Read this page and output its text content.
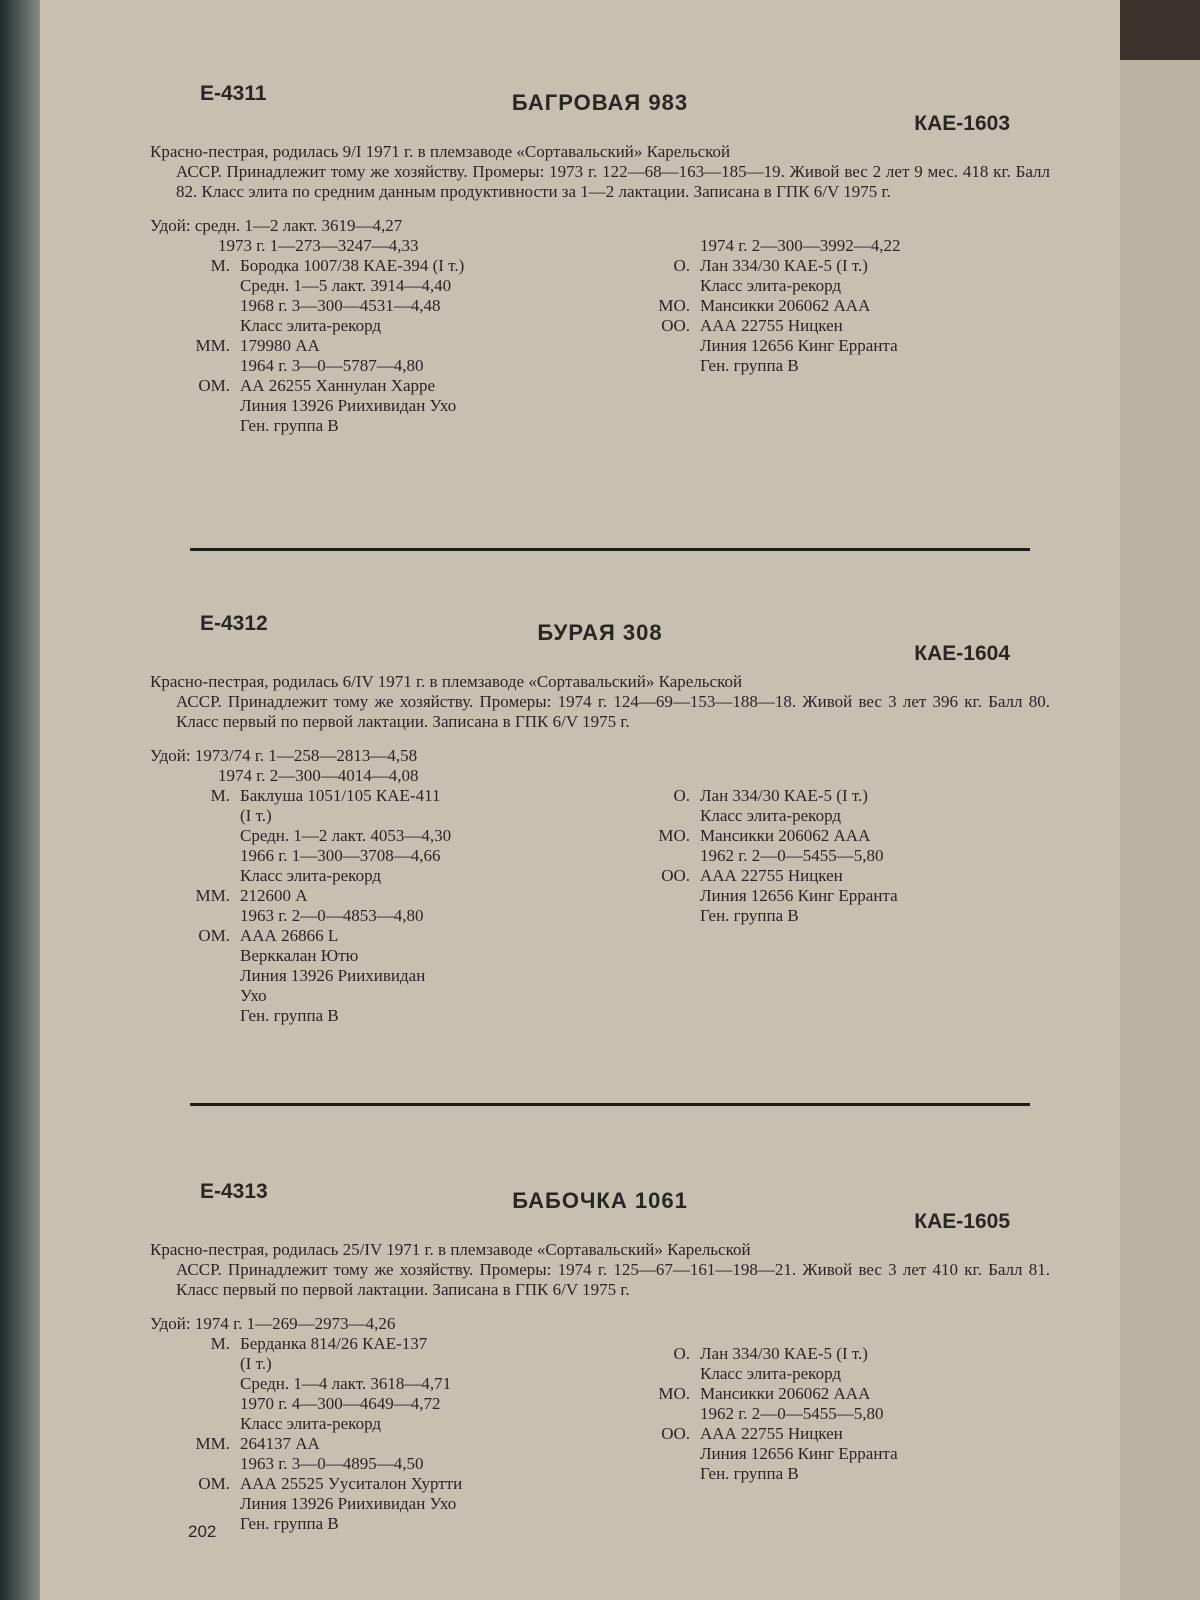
Е-4311	БАГРОВАЯ 983
КАЕ-1603
Красно-пестрая, родилась 9/I 1971 г. в племзаводе «Сортавальский» Карельской
АССР. Принадлежит тому же хозяйству. Промеры: 1973 г. 122—68—163—185—19. Живой вес 2 лет 9 мес. 418 кг. Балл 82. Класс элита по средним данным продуктивности за 1—2 лактации. Записана в ГПК 6/V 1975 г.
Удой: средн. 1—2 лакт. 3619—4,27
1973 г. 1—273—3247—4,33
М. Бородка 1007/38 КАЕ-394 (I т.)
Средн. 1—5 лакт. 3914—4,40
1968 г. 3—300—4531—4,48
Класс элита-рекорд
ММ. 179980 АА
1964 г. 3—0—5787—4,80
ОМ. АА 26255 Ханнулан Харре
Линия 13926 Риихивидан Ухо
Ген. группа В
1974 г. 2—300—3992—4,22
О. Лан 334/30 КАЕ-5 (I т.)
Класс элита-рекорд
МО. Мансикки 206062 ААА
ОО. ААА 22755 Ницкен
Линия 12656 Кинг Ерранта
Ген. группа В
Е-4312	БУРАЯ 308
КАЕ-1604
Красно-пестрая, родилась 6/IV 1971 г. в племзаводе «Сортавальский» Карельской
АССР. Принадлежит тому же хозяйству. Промеры: 1974 г. 124—69—153—188—18. Живой вес 3 лет 396 кг. Балл 80. Класс первый по первой лактации. Записана в ГПК 6/V 1975 г.
Удой: 1973/74 г. 1—258—2813—4,58
1974 г. 2—300—4014—4,08
М. Баклуша 1051/105 КАЕ-411
(I т.)
Средн. 1—2 лакт. 4053—4,30
1966 г. 1—300—3708—4,66
Класс элита-рекорд
ММ. 212600 А
1963 г. 2—0—4853—4,80
ОМ. ААА 26866 L
Верккалан Ютю
Линия 13926 Риихивидан
Ухо
Ген. группа В
О. Лан 334/30 КАЕ-5 (I т.)
Класс элита-рекорд
МО. Мансикки 206062 ААА
1962 г. 2—0—5455—5,80
ОО. ААА 22755 Ницкен
Линия 12656 Кинг Ерранта
Ген. группа В
Е-4313	БАБОЧКА 1061
КАЕ-1605
Красно-пестрая, родилась 25/IV 1971 г. в племзаводе «Сортавальский» Карельской
АССР. Принадлежит тому же хозяйству. Промеры: 1974 г. 125—67—161—198—21. Живой вес 3 лет 410 кг. Балл 81. Класс первый по первой лактации. Записана в ГПК 6/V 1975 г.
Удой: 1974 г. 1—269—2973—4,26
М. Берданка 814/26 КАЕ-137
(I т.)
Средн. 1—4 лакт. 3618—4,71
1970 г. 4—300—4649—4,72
Класс элита-рекорд
ММ. 264137 АА
1963 г. 3—0—4895—4,50
ОМ. ААА 25525 Ууситалон Хуртти
Линия 13926 Риихивидан Ухо
Ген. группа В
О. Лан 334/30 КАЕ-5 (I т.)
Класс элита-рекорд
МО. Мансикки 206062 ААА
1962 г. 2—0—5455—5,80
ОО. ААА 22755 Ницкен
Линия 12656 Кинг Ерранта
Ген. группа В
202
